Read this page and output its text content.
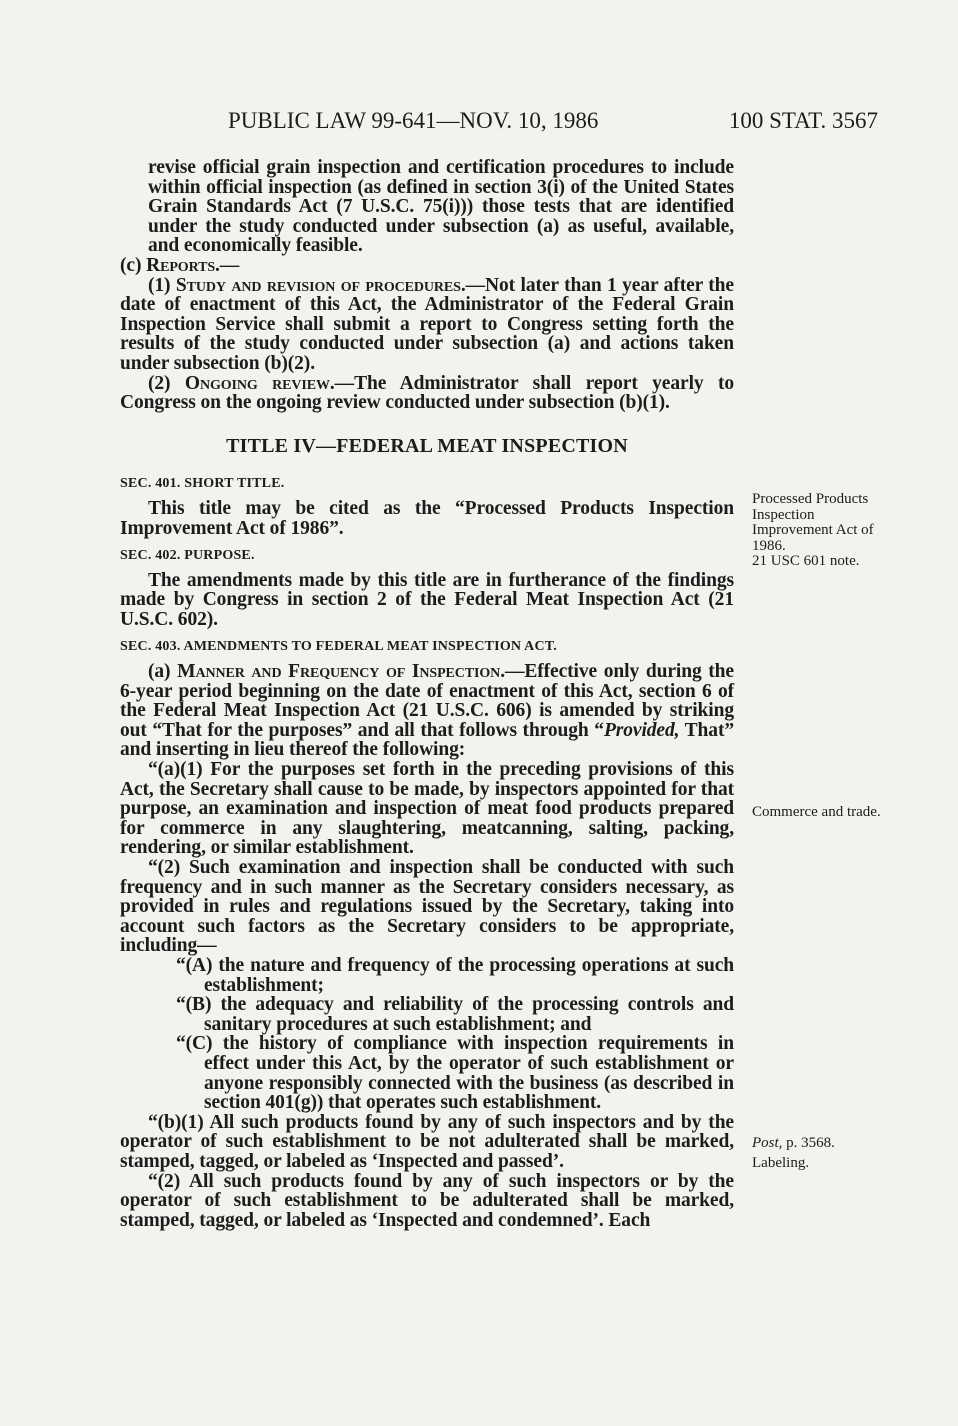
PUBLIC LAW 99-641—NOV. 10, 1986	100 STAT. 3567

revise official grain inspection and certification procedures to include within official inspection (as defined in section 3(i) of the United States Grain Standards Act (7 U.S.C. 75(i))) those tests that are identified under the study conducted under subsection (a) as useful, available, and economically feasible.

(c) Reports.—

(1) Study and revision of procedures.—Not later than 1 year after the date of enactment of this Act, the Administrator of the Federal Grain Inspection Service shall submit a report to Congress setting forth the results of the study conducted under subsection (a) and actions taken under subsection (b)(2).

(2) Ongoing review.—The Administrator shall report yearly to Congress on the ongoing review conducted under subsection (b)(1).

TITLE IV—FEDERAL MEAT INSPECTION

SEC. 401. SHORT TITLE.

This title may be cited as the “Processed Products Inspection Improvement Act of 1986”.

SEC. 402. PURPOSE.

The amendments made by this title are in furtherance of the findings made by Congress in section 2 of the Federal Meat Inspection Act (21 U.S.C. 602).

SEC. 403. AMENDMENTS TO FEDERAL MEAT INSPECTION ACT.

(a) Manner and Frequency of Inspection.—Effective only during the 6-year period beginning on the date of enactment of this Act, section 6 of the Federal Meat Inspection Act (21 U.S.C. 606) is amended by striking out “That for the purposes” and all that follows through “Provided, That” and inserting in lieu thereof the following:

“(a)(1) For the purposes set forth in the preceding provisions of this Act, the Secretary shall cause to be made, by inspectors appointed for that purpose, an examination and inspection of meat food products prepared for commerce in any slaughtering, meatcanning, salting, packing, rendering, or similar establishment.

“(2) Such examination and inspection shall be conducted with such frequency and in such manner as the Secretary considers necessary, as provided in rules and regulations issued by the Secretary, taking into account such factors as the Secretary considers to be appropriate, including—

“(A) the nature and frequency of the processing operations at such establishment;

“(B) the adequacy and reliability of the processing controls and sanitary procedures at such establishment; and

“(C) the history of compliance with inspection requirements in effect under this Act, by the operator of such establishment or anyone responsibly connected with the business (as described in section 401(g)) that operates such establishment.

“(b)(1) All such products found by any of such inspectors and by the operator of such establishment to be not adulterated shall be marked, stamped, tagged, or labeled as ‘Inspected and passed’.

“(2) All such products found by any of such inspectors or by the operator of such establishment to be adulterated shall be marked, stamped, tagged, or labeled as ‘Inspected and condemned’. Each

Processed Products Inspection Improvement Act of 1986.
21 USC 601 note.
Commerce and trade.
Post, p. 3568.
Labeling.
